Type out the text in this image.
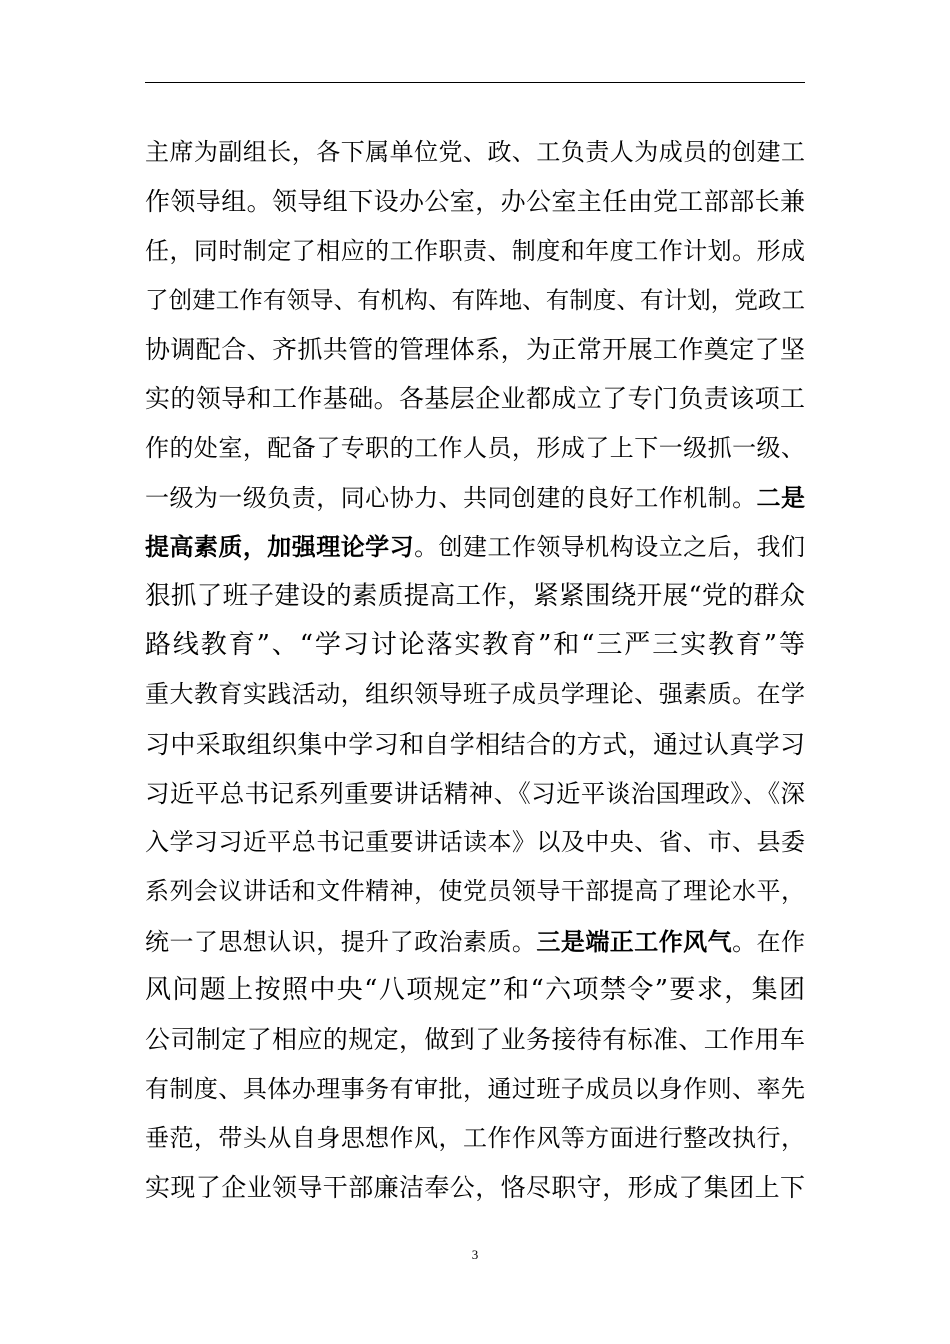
主席为副组长，各下属单位党、政、工负责人为成员的创建工
作领导组。领导组下设办公室，办公室主任由党工部部长兼
任，同时制定了相应的工作职责、制度和年度工作计划。形成
了创建工作有领导、有机构、有阵地、有制度、有计划，党政工
协调配合、齐抓共管的管理体系，为正常开展工作奠定了坚
实的领导和工作基础。各基层企业都成立了专门负责该项工
作的处室，配备了专职的工作人员，形成了上下一级抓一级、
一级为一级负责，同心协力、共同创建的良好工作机制。二是
提高素质，加强理论学习。创建工作领导机构设立之后，我们
狠抓了班子建设的素质提高工作，紧紧围绕开展“党的群众
路线教育”、“学习讨论落实教育”和“三严三实教育”等
重大教育实践活动，组织领导班子成员学理论、强素质。在学
习中采取组织集中学习和自学相结合的方式，通过认真学习
习近平总书记系列重要讲话精神、《习近平谈治国理政》、《深
入学习习近平总书记重要讲话读本》以及中央、省、市、县委
系列会议讲话和文件精神，使党员领导干部提高了理论水平，
统一了思想认识，提升了政治素质。三是端正工作风气。在作
风问题上按照中央“八项规定”和“六项禁令”要求，集团
公司制定了相应的规定，做到了业务接待有标准、工作用车
有制度、具体办理事务有审批，通过班子成员以身作则、率先
垂范，带头从自身思想作风，工作作风等方面进行整改执行，
实现了企业领导干部廉洁奉公，恪尽职守，形成了集团上下
3
